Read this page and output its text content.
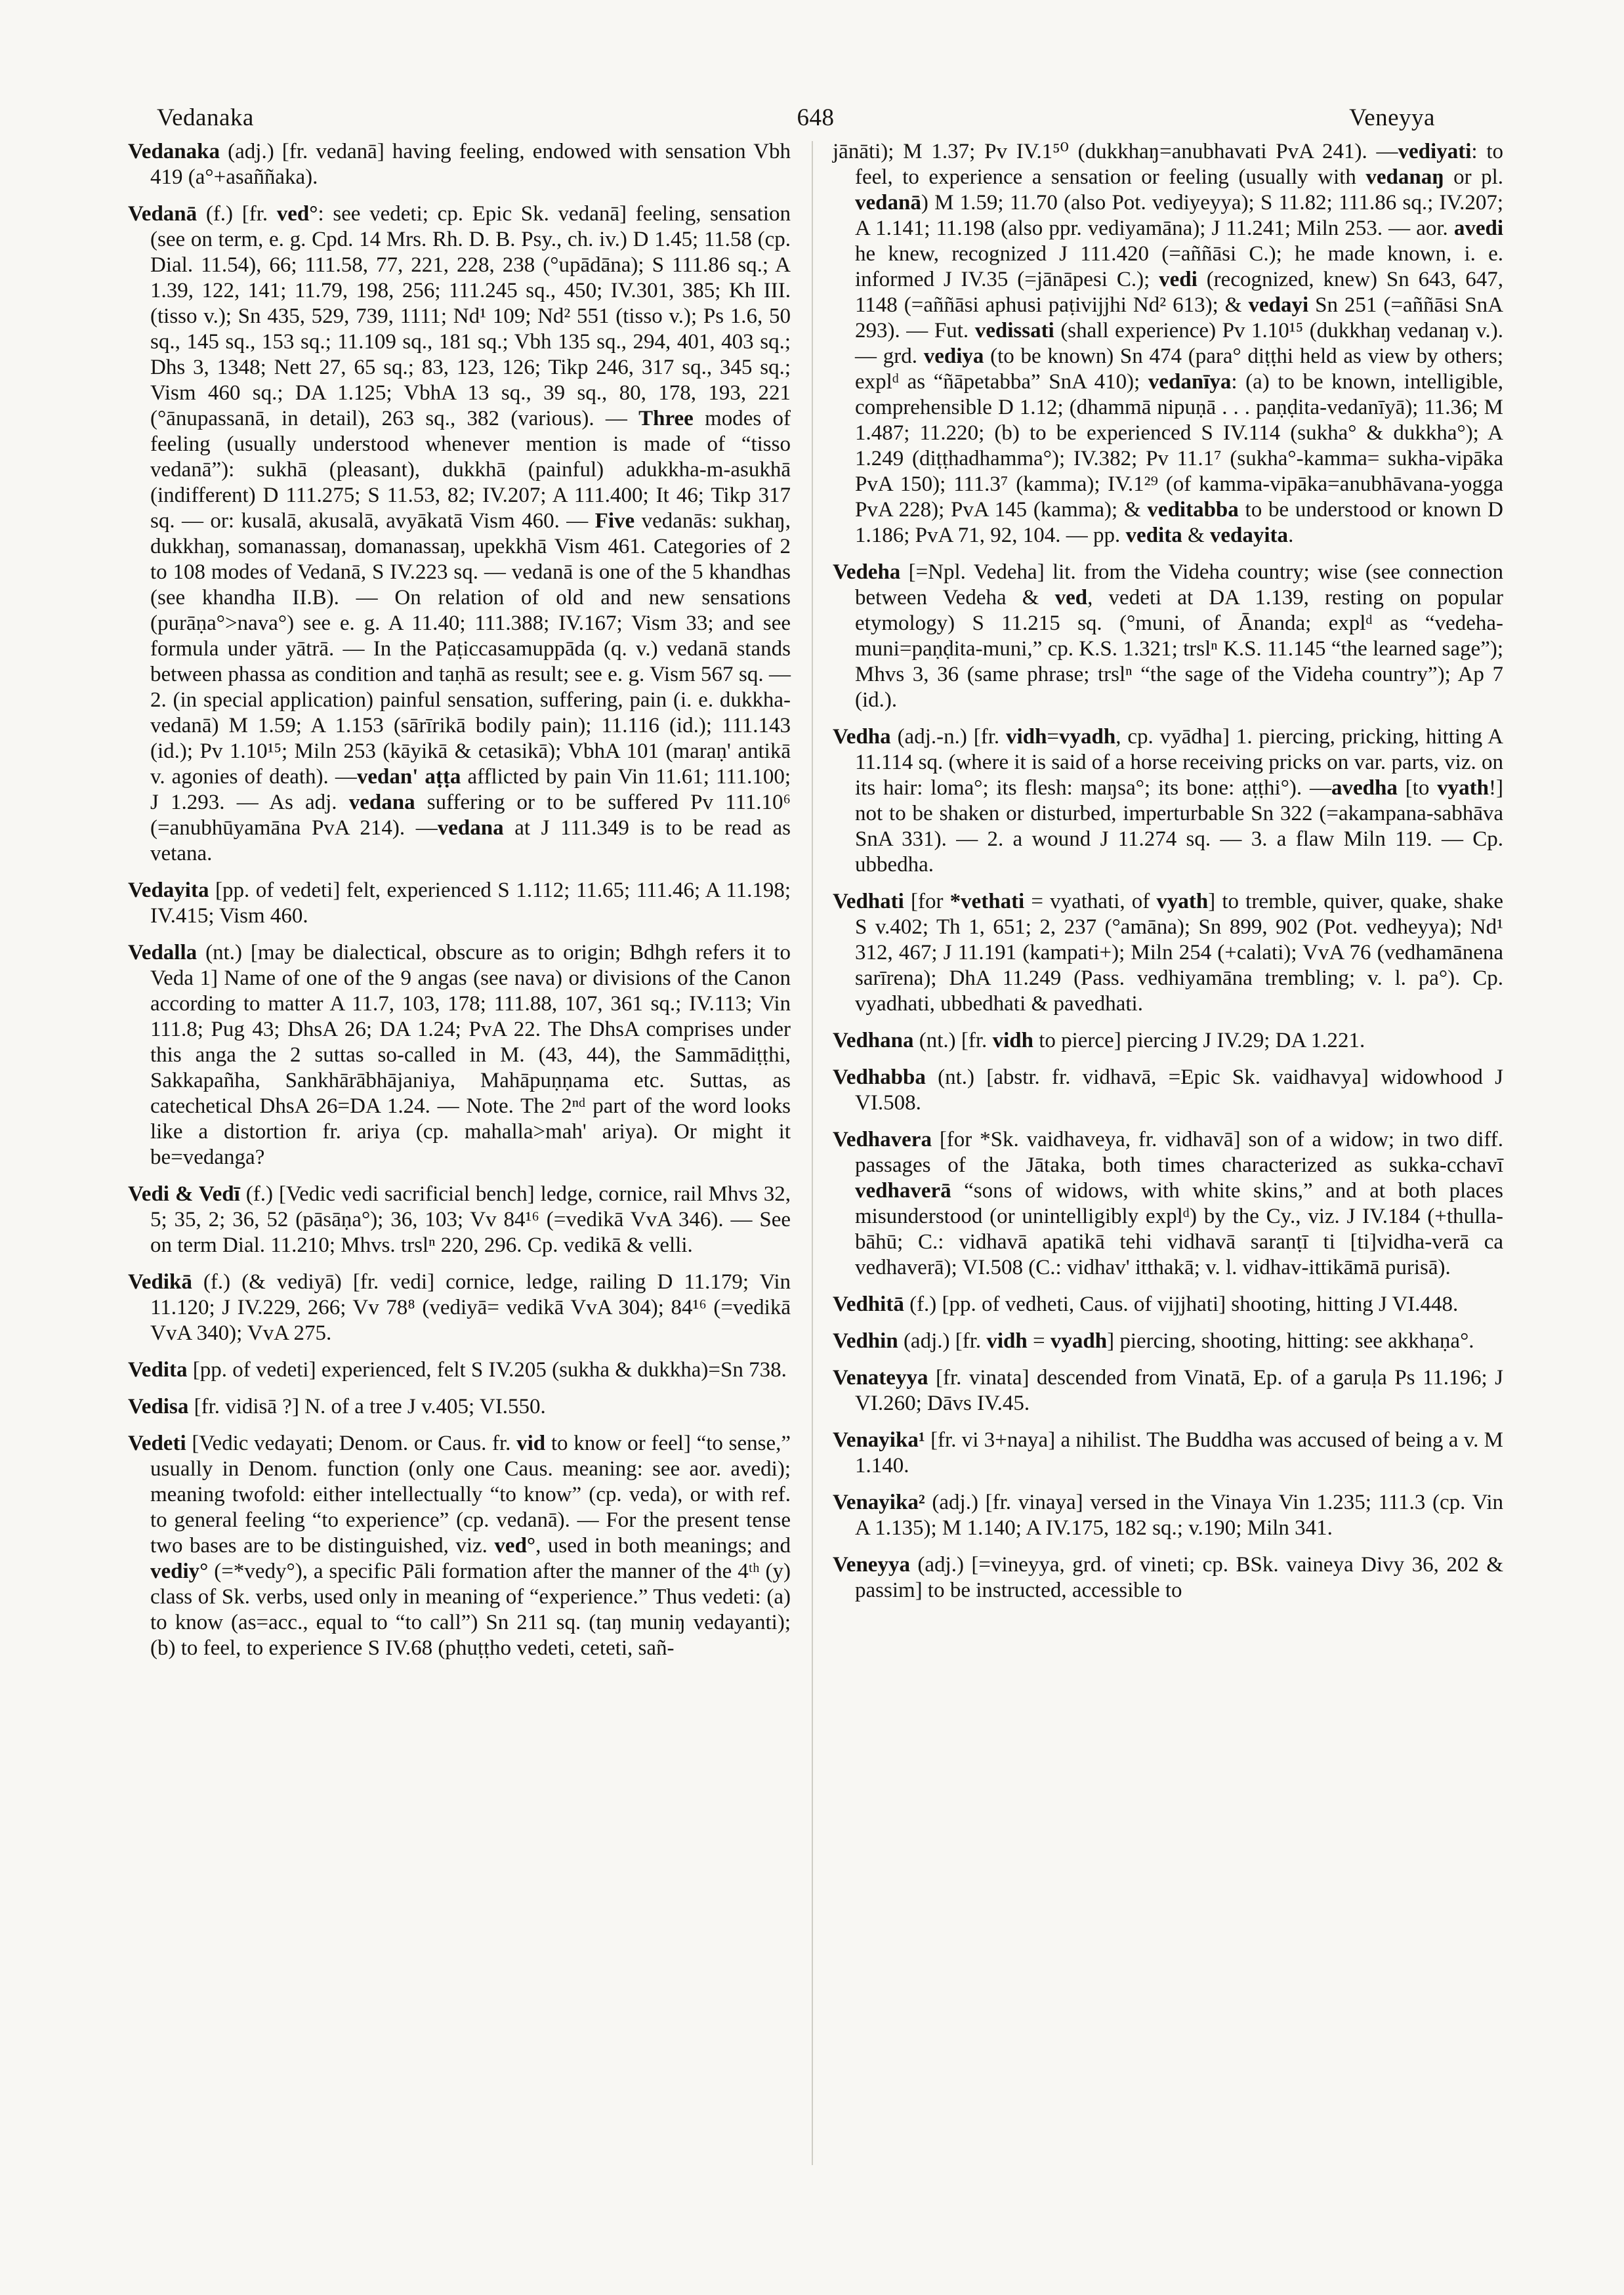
Vedanaka	648	Veneyya

Vedanaka (adj.) [fr. vedanā] having feeling, endowed with sensation Vbh 419 (a°+asaññaka).

Vedanā (f.) [fr. ved°: see vedeti; cp. Epic Sk. vedanā] feeling, sensation (see on term, e. g. Cpd. 14 Mrs. Rh. D. B. Psy., ch. iv.) D 1.45; 11.58 (cp. Dial. 11.54), 66; 111.58, 77, 221, 228, 238 (°upādāna); S 111.86 sq.; A 1.39, 122, 141; 11.79, 198, 256; 111.245 sq., 450; IV.301, 385; Kh III. (tisso v.); Sn 435, 529, 739, 1111; Nd¹ 109; Nd² 551 (tisso v.); Ps 1.6, 50 sq., 145 sq., 153 sq.; 11.109 sq., 181 sq.; Vbh 135 sq., 294, 401, 403 sq.; Dhs 3, 1348; Nett 27, 65 sq.; 83, 123, 126; Tikp 246, 317 sq., 345 sq.; Vism 460 sq.; DA 1.125; VbhA 13 sq., 39 sq., 80, 178, 193, 221 (°ānupassanā, in detail), 263 sq., 382 (various). — Three modes of feeling (usually understood whenever mention is made of “tisso vedanā”): sukhā (pleasant), dukkhā (painful) adukkha-m-asukhā (indifferent) D 111.275; S 11.53, 82; IV.207; A 111.400; It 46; Tikp 317 sq. — or: kusalā, akusalā, avyākatā Vism 460. — Five vedanās: sukhaŋ, dukkhaŋ, somanassaŋ, domanassaŋ, upekkhā Vism 461. Categories of 2 to 108 modes of Vedanā, S IV.223 sq. — vedanā is one of the 5 khandhas (see khandha II.B). — On relation of old and new sensations (purāṇa°>nava°) see e. g. A 11.40; 111.388; IV.167; Vism 33; and see formula under yātrā. — In the Paṭiccasamuppāda (q. v.) vedanā stands between phassa as condition and taṇhā as result; see e. g. Vism 567 sq. — 2. (in special application) painful sensation, suffering, pain (i. e. dukkha-vedanā) M 1.59; A 1.153 (sārīrikā bodily pain); 11.116 (id.); 111.143 (id.); Pv 1.10¹⁵; Miln 253 (kāyikā & cetasikā); VbhA 101 (maraṇ' antikā v. agonies of death). —vedan' aṭṭa afflicted by pain Vin 11.61; 111.100; J 1.293. — As adj. vedana suffering or to be suffered Pv 111.10⁶ (=anubhūyamāna PvA 214). —vedana at J 111.349 is to be read as vetana.

Vedayita [pp. of vedeti] felt, experienced S 1.112; 11.65; 111.46; A 11.198; IV.415; Vism 460.

Vedalla (nt.) [may be dialectical, obscure as to origin; Bdhgh refers it to Veda 1] Name of one of the 9 angas (see nava) or divisions of the Canon according to matter A 11.7, 103, 178; 111.88, 107, 361 sq.; IV.113; Vin 111.8; Pug 43; DhsA 26; DA 1.24; PvA 22. The DhsA comprises under this anga the 2 suttas so-called in M. (43, 44), the Sammādiṭṭhi, Sakkapañha, Sankhārābhājaniya, Mahāpuṇṇama etc. Suttas, as catechetical DhsA 26=DA 1.24. — Note. The 2ⁿᵈ part of the word looks like a distortion fr. ariya (cp. mahalla>mah' ariya). Or might it be=vedanga?

Vedi & Vedī (f.) [Vedic vedi sacrificial bench] ledge, cornice, rail Mhvs 32, 5; 35, 2; 36, 52 (pāsāṇa°); 36, 103; Vv 84¹⁶ (=vedikā VvA 346). — See on term Dial. 11.210; Mhvs. trslⁿ 220, 296. Cp. vedikā & velli.

Vedikā (f.) (& vediyā) [fr. vedi] cornice, ledge, railing D 11.179; Vin 11.120; J IV.229, 266; Vv 78⁸ (vediyā= vedikā VvA 304); 84¹⁶ (=vedikā VvA 340); VvA 275.

Vedita [pp. of vedeti] experienced, felt S IV.205 (sukha & dukkha)=Sn 738.

Vedisa [fr. vidisā ?] N. of a tree J v.405; VI.550.

Vedeti [Vedic vedayati; Denom. or Caus. fr. vid to know or feel] “to sense,” usually in Denom. function (only one Caus. meaning: see aor. avedi); meaning twofold: either intellectually “to know” (cp. veda), or with ref. to general feeling “to experience” (cp. vedanā). — For the present tense two bases are to be distinguished, viz. ved°, used in both meanings; and vediy° (=*vedy°), a specific Pāli formation after the manner of the 4ᵗʰ (y) class of Sk. verbs, used only in meaning of “experience.” Thus vedeti: (a) to know (as=acc., equal to “to call”) Sn 211 sq. (taŋ muniŋ vedayanti); (b) to feel, to experience S IV.68 (phuṭṭho vedeti, ceteti, sañ-

jānāti); M 1.37; Pv IV.1⁵⁰ (dukkhaŋ=anubhavati PvA 241). —vediyati: to feel, to experience a sensation or feeling (usually with vedanaŋ or pl. vedanā) M 1.59; 11.70 (also Pot. vediyeyya); S 11.82; 111.86 sq.; IV.207; A 1.141; 11.198 (also ppr. vediyamāna); J 11.241; Miln 253. — aor. avedi he knew, recognized J 111.420 (=aññāsi C.); he made known, i. e. informed J IV.35 (=jānāpesi C.); vedi (recognized, knew) Sn 643, 647, 1148 (=aññāsi aphusi paṭivijjhi Nd² 613); & vedayi Sn 251 (=aññāsi SnA 293). — Fut. vedissati (shall experience) Pv 1.10¹⁵ (dukkhaŋ vedanaŋ v.). — grd. vediya (to be known) Sn 474 (para° diṭṭhi held as view by others; explᵈ as “ñāpetabba” SnA 410); vedanīya: (a) to be known, intelligible, comprehensible D 1.12; (dhammā nipuṇā . . . paṇḍita-vedanīyā); 11.36; M 1.487; 11.220; (b) to be experienced S IV.114 (sukha° & dukkha°); A 1.249 (diṭṭhadhamma°); IV.382; Pv 11.1⁷ (sukha°-kamma= sukha-vipāka PvA 150); 111.3⁷ (kamma); IV.1²⁹ (of kamma-vipāka=anubhāvana-yogga PvA 228); PvA 145 (kamma); & veditabba to be understood or known D 1.186; PvA 71, 92, 104. — pp. vedita & vedayita.

Vedeha [=Npl. Vedeha] lit. from the Videha country; wise (see connection between Vedeha & ved, vedeti at DA 1.139, resting on popular etymology) S 11.215 sq. (°muni, of Ānanda; explᵈ as “vedeha-muni=paṇḍita-muni,” cp. K.S. 1.321; trslⁿ K.S. 11.145 “the learned sage”); Mhvs 3, 36 (same phrase; trslⁿ “the sage of the Videha country”); Ap 7 (id.).

Vedha (adj.-n.) [fr. vidh=vyadh, cp. vyādha] 1. piercing, pricking, hitting A 11.114 sq. (where it is said of a horse receiving pricks on var. parts, viz. on its hair: loma°; its flesh: maŋsa°; its bone: aṭṭhi°). —avedha [to vyath!] not to be shaken or disturbed, imperturbable Sn 322 (=akampana-sabhāva SnA 331). — 2. a wound J 11.274 sq. — 3. a flaw Miln 119. — Cp. ubbedha.

Vedhati [for *vethati = vyathati, of vyath] to tremble, quiver, quake, shake S v.402; Th 1, 651; 2, 237 (°amāna); Sn 899, 902 (Pot. vedheyya); Nd¹ 312, 467; J 11.191 (kampati+); Miln 254 (+calati); VvA 76 (vedhamānena sarīrena); DhA 11.249 (Pass. vedhiyamāna trembling; v. l. pa°). Cp. vyadhati, ubbedhati & pavedhati.

Vedhana (nt.) [fr. vidh to pierce] piercing J IV.29; DA 1.221.

Vedhabba (nt.) [abstr. fr. vidhavā, =Epic Sk. vaidhavya] widowhood J VI.508.

Vedhavera [for *Sk. vaidhaveya, fr. vidhavā] son of a widow; in two diff. passages of the Jātaka, both times characterized as sukka-cchavī vedhaverā “sons of widows, with white skins,” and at both places misunderstood (or unintelligibly explᵈ) by the Cy., viz. J IV.184 (+thulla-bāhū; C.: vidhavā apatikā tehi vidhavā saranṭī ti [ti]vidha-verā ca vedhaverā); VI.508 (C.: vidhav' itthakā; v. l. vidhav-ittikāmā purisā).

Vedhitā (f.) [pp. of vedheti, Caus. of vijjhati] shooting, hitting J VI.448.

Vedhin (adj.) [fr. vidh = vyadh] piercing, shooting, hitting: see akkhaṇa°.

Venateyya [fr. vinata] descended from Vinatā, Ep. of a garuḷa Ps 11.196; J VI.260; Dāvs IV.45.

Venayika¹ [fr. vi 3+naya] a nihilist. The Buddha was accused of being a v. M 1.140.

Venayika² (adj.) [fr. vinaya] versed in the Vinaya Vin 1.235; 111.3 (cp. Vin A 1.135); M 1.140; A IV.175, 182 sq.; v.190; Miln 341.

Veneyya (adj.) [=vineyya, grd. of vineti; cp. BSk. vaineya Divy 36, 202 & passim] to be instructed, accessible to
